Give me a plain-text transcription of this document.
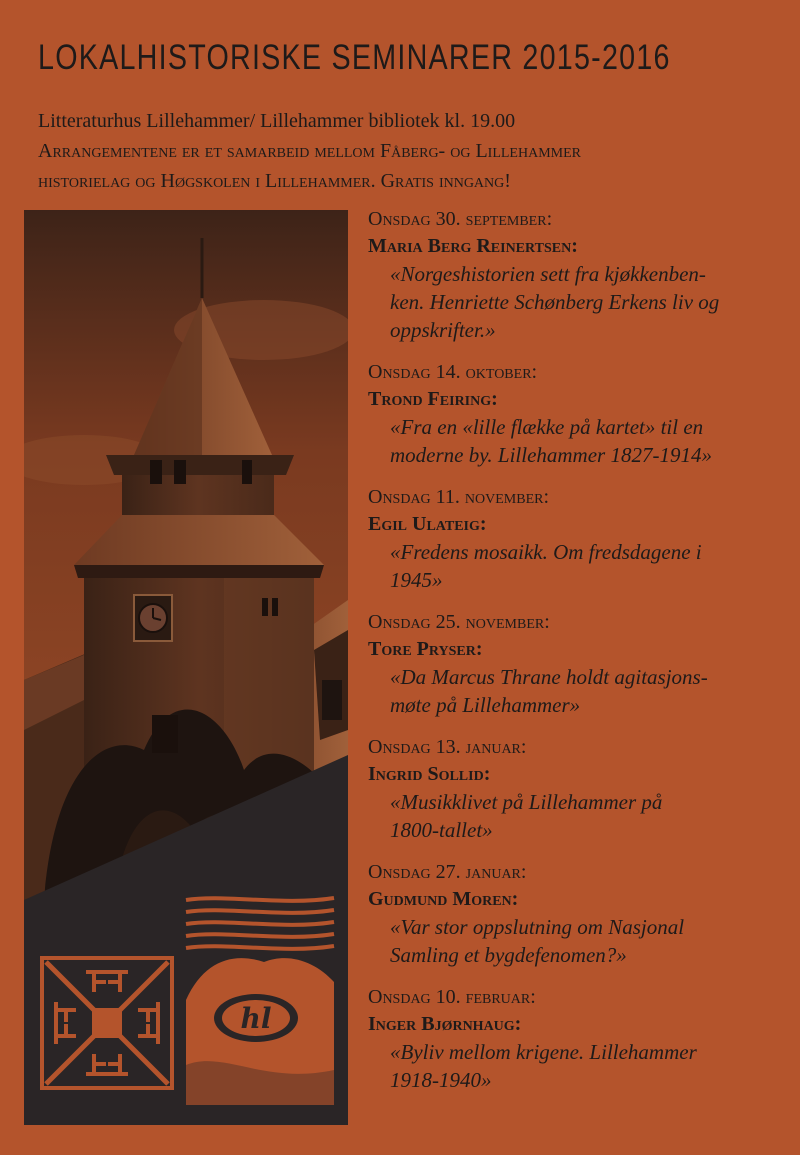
LOKALHISTORISKE SEMINARER 2015-2016
Litteraturhus Lillehammer/ Lillehammer bibliotek kl. 19.00
Arrangementene er et samarbeid mellom Fåberg- og Lillehammer
historielag og Høgskolen i Lillehammer. Gratis inngang!
hl
Onsdag 30. september:
Maria Berg Reinertsen:
«Norgeshistorien sett fra kjøkkenben-
ken. Henriette Schønberg Erkens liv og
oppskrifter.»
Onsdag 14. oktober:
Trond Feiring:
«Fra en «lille flække på kartet» til en
moderne by. Lillehammer 1827-1914»
Onsdag 11. november:
Egil Ulateig:
«Fredens mosaikk. Om fredsdagene i
1945»
Onsdag 25. november:
Tore Pryser:
«Da Marcus Thrane holdt agitasjons-
møte på Lillehammer»
Onsdag 13. januar:
Ingrid Sollid:
«Musikklivet på Lillehammer på
1800-tallet»
Onsdag 27. januar:
Gudmund Moren:
«Var stor oppslutning om Nasjonal
Samling et bygdefenomen?»
Onsdag 10. februar:
Inger Bjørnhaug:
«Byliv mellom krigene. Lillehammer
1918-1940»
